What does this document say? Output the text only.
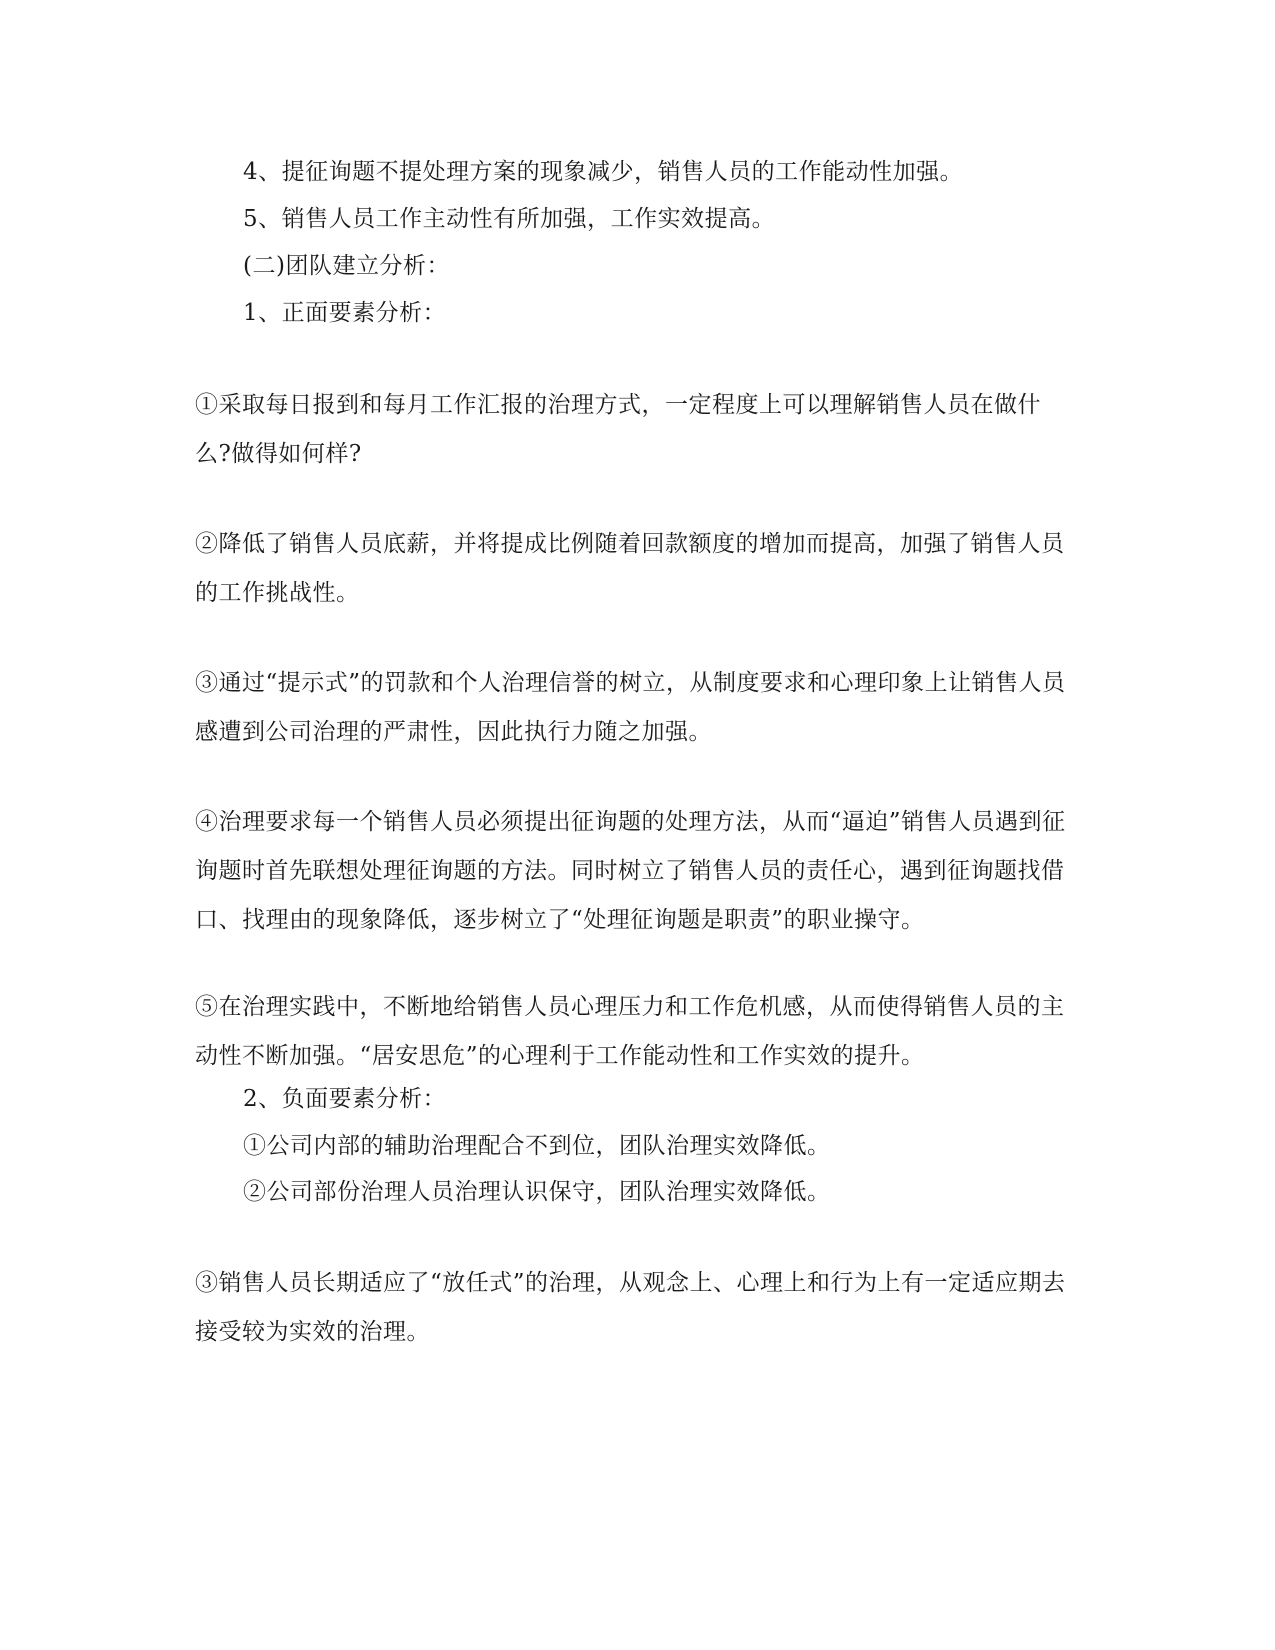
4、提征询题不提处理方案的现象减少，销售人员的工作能动性加强。

5、销售人员工作主动性有所加强，工作实效提高。

(二)团队建立分析：

1、正面要素分析：

①采取每日报到和每月工作汇报的治理方式，一定程度上可以理解销售人员在做什么?做得如何样?

②降低了销售人员底薪，并将提成比例随着回款额度的增加而提高，加强了销售人员的工作挑战性。

③通过“提示式”的罚款和个人治理信誉的树立，从制度要求和心理印象上让销售人员感遭到公司治理的严肃性，因此执行力随之加强。

④治理要求每一个销售人员必须提出征询题的处理方法，从而“逼迫”销售人员遇到征询题时首先联想处理征询题的方法。同时树立了销售人员的责任心，遇到征询题找借口、找理由的现象降低，逐步树立了“处理征询题是职责”的职业操守。

⑤在治理实践中，不断地给销售人员心理压力和工作危机感，从而使得销售人员的主动性不断加强。“居安思危”的心理利于工作能动性和工作实效的提升。

2、负面要素分析：

①公司内部的辅助治理配合不到位，团队治理实效降低。

②公司部份治理人员治理认识保守，团队治理实效降低。

③销售人员长期适应了“放任式”的治理，从观念上、心理上和行为上有一定适应期去接受较为实效的治理。
